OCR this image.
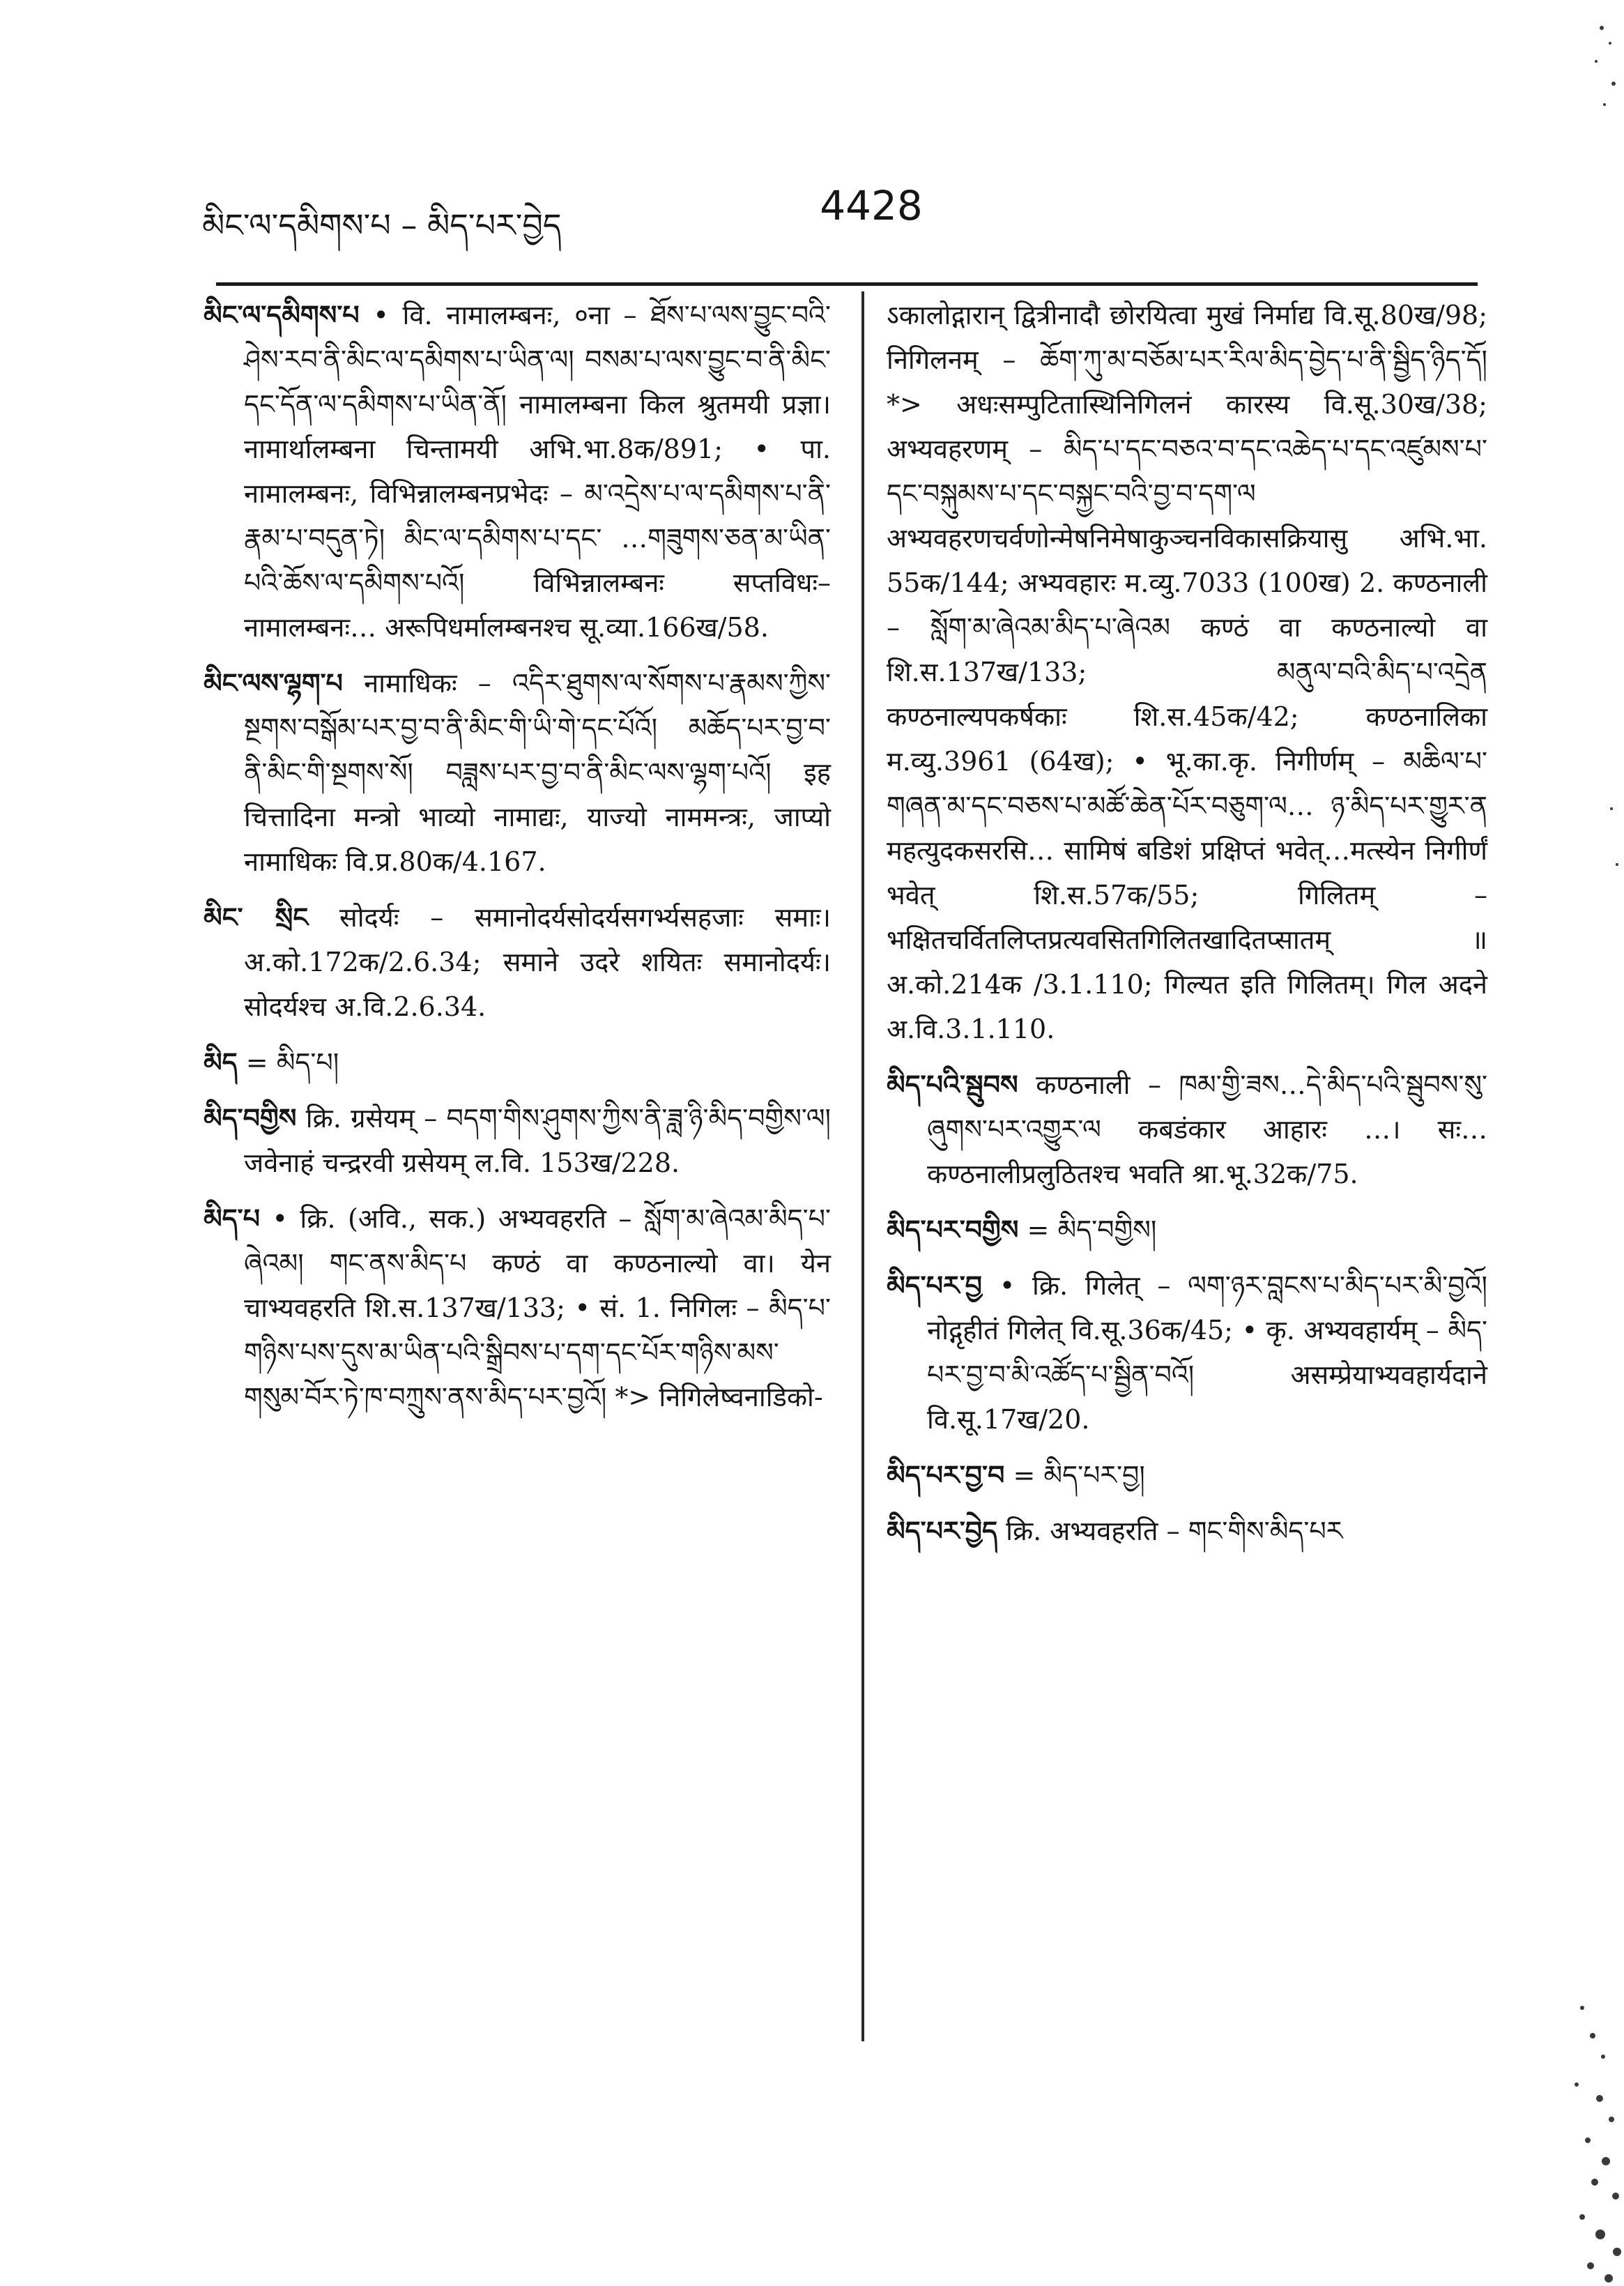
མིང་ལ་དམིགས་པ – མིད་པར་བྱེད	4428

མིང་ལ་དམིགས་པ • वि. नामालम्बनः, ०ना – ཐོས་པ་ལས་བྱུང་བའི་ཤེས་རབ་ནི་མིང་ལ་དམིགས་པ་ཡིན་ལ། བསམ་པ་ལས་བྱུང་བ་ནི་མིང་དང་དོན་ལ་དམིགས་པ་ཡིན་ནོ། नामालम्बना किल श्रुतमयी प्रज्ञा। नामार्थालम्बना चिन्तामयी अभि.भा.8क/891; • पा. नामालम्बनः, विभिन्नालम्बनप्रभेदः – མ་འདྲེས་པ་ལ་དམིགས་པ་ནི་རྣམ་པ་བདུན་ཏེ། མིང་ལ་དམིགས་པ་དང་ …གཟུགས་ཅན་མ་ཡིན་པའི་ཆོས་ལ་དམིགས་པའོ། विभिन्नालम्बनः सप्तविधः–नामालम्बनः… अरूपिधर्मालम्बनश्च सू.व्या.166ख/58.

མིང་ལས་ལྷག་པ नामाधिकः – འདིར་ཐུགས་ལ་སོགས་པ་རྣམས་ཀྱིས་སྔགས་བསྒོམ་པར་བྱ་བ་ནི་མིང་གི་ཡི་གེ་དང་པོའོ། མཆོད་པར་བྱ་བ་ནི་མིང་གི་སྔགས་སོ། བཟླས་པར་བྱ་བ་ནི་མིང་ལས་ལྷག་པའོ། इह चित्तादिना मन्त्रो भाव्यो नामाद्यः, याज्यो नाममन्त्रः, जाप्यो नामाधिकः वि.प्र.80क/4.167.

མིང་ སྲིང सोदर्यः – समानोदर्यसोदर्यसगर्भ्यसहजाः समाः। अ.को.172क/2.6.34; समाने उदरे शयितः समानोदर्यः। सोदर्यश्च अ.वि.2.6.34.

མིད = མིད་པ།

མིད་བགྱིས क्रि. ग्रसेयम् – བདག་གིས་ཤུགས་ཀྱིས་ནི་ཟླ་ཉི་མིད་བགྱིས་ལ། जवेनाहं चन्द्ररवी ग्रसेयम् ल.वि. 153ख/228.

མིད་པ • क्रि. (अवि., सक.) अभ्यवहरति – སློག་མ་ཞེའམ་མིད་པ་ཞེའམ། གང་ནས་མིད་པ कण्ठं वा कण्ठनाल्यो वा। येन चाभ्यवहरति शि.स.137ख/133; • सं. 1. निगिलः – མིད་པ་གཉིས་པས་དུས་མ་ཡིན་པའི་སྒྲིབས་པ་དག་དང་པོར་གཉིས་མས་གསུམ་བོར་ཏེ་ཁ་བཀྲུས་ནས་མིད་པར་བྱའོ། *> निगिलेष्वनाडिको-

ऽकालोद्गारान् द्वित्रीनादौ छोरयित्वा मुखं निर्माद्य वि.सू.80ख/98; निगिलनम् – ཆོག་ཀུ་མ་བཅོམ་པར་རིལ་མིད་བྱེད་པ་ནི་སྦྱིད་ཉིད་དོ། *> अधःसम्पुटितास्थिनिगिलनं कारस्य वि.सू.30ख/38; अभ्यवहरणम् – མིད་པ་དང་བཅའ་བ་དང་འཆེད་པ་དང་འཛུམས་པ་དང་བསྐུམས་པ་དང་བསྐྱང་བའི་བྱ་བ་དག་ལ अभ्यवहरणचर्वणोन्मेषनिमेषाकुञ्चनविकासक्रियासु अभि.भा. 55क/144; अभ्यवहारः म.व्यु.7033 (100ख) 2. कण्ठनाली – སློག་མ་ཞེའམ་མིད་པ་ཞེའམ कण्ठं वा कण्ठनाल्यो वा शि.स.137ख/133; མནུལ་བའི་མིད་པ་འདྲེན कण्ठनाल्यपकर्षकाः शि.स.45क/42; कण्ठनालिका म.व्यु.3961 (64ख); • भू.का.कृ. निगीर्णम् – མཆིལ་པ་གཞན་མ་དང་བཅས་པ་མཚོ་ཆེན་པོར་བཅུག་ལ… ཉ་མིད་པར་གྱུར་ན महत्युदकसरसि… सामिषं बडिशं प्रक्षिप्तं भवेत्…मत्स्येन निगीर्णं भवेत् शि.स.57क/55; गिलितम् – भक्षितचर्वितलिप्तप्रत्यवसितगिलितखादितप्सातम् ॥ अ.को.214क /3.1.110; गिल्यत इति गिलितम्। गिल अदने अ.वि.3.1.110.

མིད་པའི་སྦུབས कण्ठनाली – ཁམ་གྱི་ཟས…དེ་མིད་པའི་སྦུབས་སུ་ཞུགས་པར་འགྱུར་ལ कबडंकार आहारः …। सः…कण्ठनालीप्रलुठितश्च भवति श्रा.भू.32क/75.

མིད་པར་བགྱིས = མིད་བགྱིས།

མིད་པར་བྱ • क्रि. गिलेत् – ལག་ཉར་བླངས་པ་མིད་པར་མི་བྱའོ། नोद्गृहीतं गिलेत् वि.सू.36क/45; • कृ. अभ्यवहार्यम् – མིད་པར་བྱ་བ་མི་འཚོད་པ་སྦྱིན་བའོ། असम्प्रेयाभ्यवहार्यदाने वि.सू.17ख/20.

མིད་པར་བྱ་བ = མིད་པར་བྱ།

མིད་པར་བྱེད क्रि. अभ्यवहरति – གང་གིས་མིད་པར
